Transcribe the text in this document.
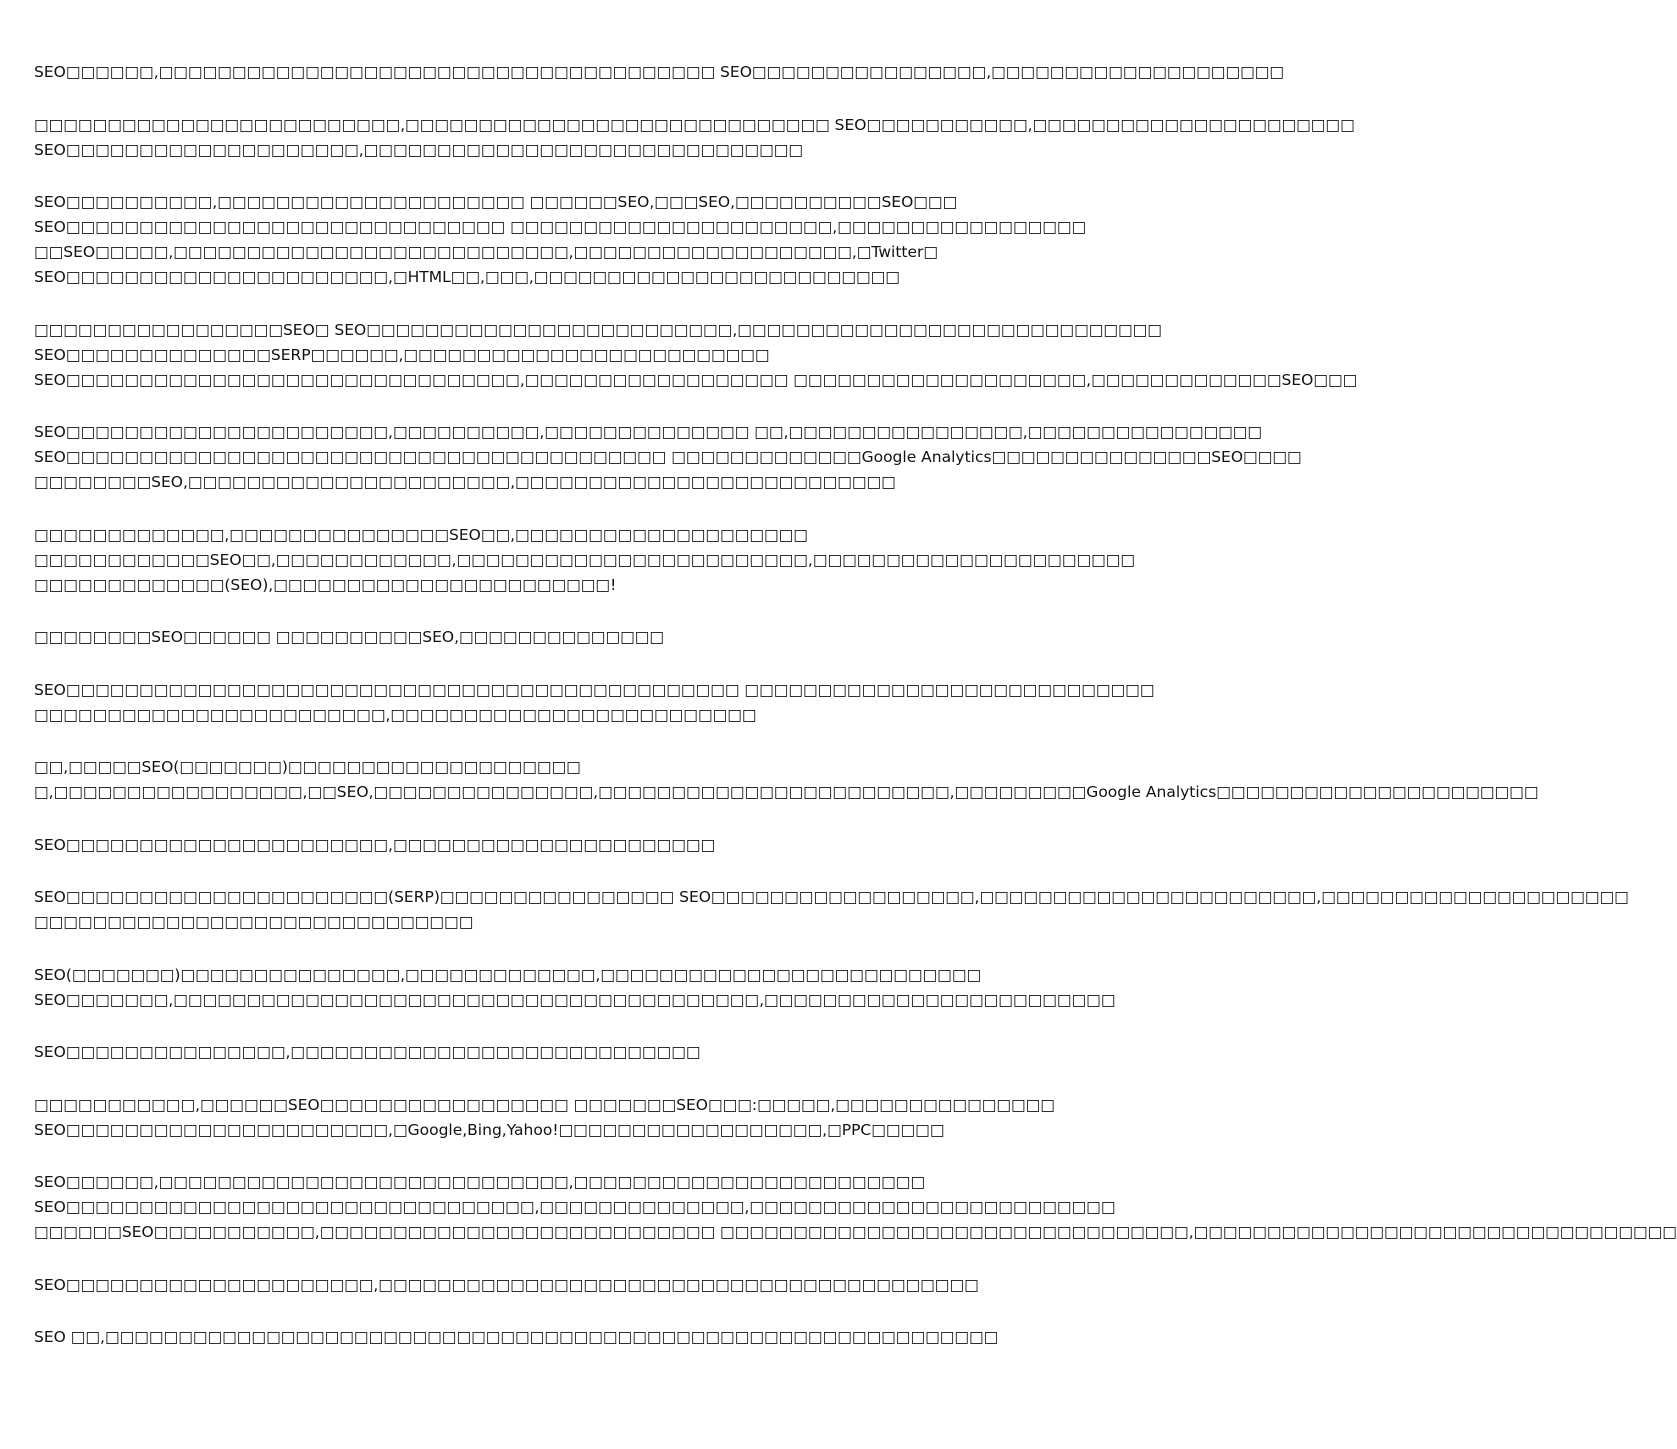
SEO□□□□□□,□□□□□□□□□□□□□□□□□□□□□□□□□□□□□□□□□□□□□□ SEO□□□□□□□□□□□□□□□□,□□□□□□□□□□□□□□□□□□□□
□□□□□□□□□□□□□□□□□□□□□□□□□,□□□□□□□□□□□□□□□□□□□□□□□□□□□□□ SEO□□□□□□□□□□□,□□□□□□□□□□□□□□□□□□□□□□
SEO□□□□□□□□□□□□□□□□□□□□,□□□□□□□□□□□□□□□□□□□□□□□□□□□□□□
SEO□□□□□□□□□□,□□□□□□□□□□□□□□□□□□□□□ □□□□□□SEO,□□□SEO,□□□□□□□□□□SEO□□□
SEO□□□□□□□□□□□□□□□□□□□□□□□□□□□□□□ □□□□□□□□□□□□□□□□□□□□□□,□□□□□□□□□□□□□□□□□
□□SEO□□□□□,□□□□□□□□□□□□□□□□□□□□□□□□□□□,□□□□□□□□□□□□□□□□□□□,□Twitter□
SEO□□□□□□□□□□□□□□□□□□□□□□,□HTML□□,□□□,□□□□□□□□□□□□□□□□□□□□□□□□□
□□□□□□□□□□□□□□□□□SEO□ SEO□□□□□□□□□□□□□□□□□□□□□□□□□,□□□□□□□□□□□□□□□□□□□□□□□□□□□□□
SEO□□□□□□□□□□□□□□SERP□□□□□□,□□□□□□□□□□□□□□□□□□□□□□□□□
SEO□□□□□□□□□□□□□□□□□□□□□□□□□□□□□□□,□□□□□□□□□□□□□□□□□□ □□□□□□□□□□□□□□□□□□□□,□□□□□□□□□□□□□SEO□□□
SEO□□□□□□□□□□□□□□□□□□□□□□,□□□□□□□□□□,□□□□□□□□□□□□□□ □□,□□□□□□□□□□□□□□□□,□□□□□□□□□□□□□□□□
SEO□□□□□□□□□□□□□□□□□□□□□□□□□□□□□□□□□□□□□□□□□ □□□□□□□□□□□□□Google Analytics□□□□□□□□□□□□□□□SEO□□□□
□□□□□□□□SEO,□□□□□□□□□□□□□□□□□□□□□□,□□□□□□□□□□□□□□□□□□□□□□□□□□
□□□□□□□□□□□□□,□□□□□□□□□□□□□□□SEO□□,□□□□□□□□□□□□□□□□□□□□
□□□□□□□□□□□□SEO□□,□□□□□□□□□□□□,□□□□□□□□□□□□□□□□□□□□□□□□,□□□□□□□□□□□□□□□□□□□□□□
□□□□□□□□□□□□□(SEO),□□□□□□□□□□□□□□□□□□□□□□□!
□□□□□□□□SEO□□□□□□ □□□□□□□□□□SEO,□□□□□□□□□□□□□□
SEO□□□□□□□□□□□□□□□□□□□□□□□□□□□□□□□□□□□□□□□□□□□□□□ □□□□□□□□□□□□□□□□□□□□□□□□□□□□
□□□□□□□□□□□□□□□□□□□□□□□□,□□□□□□□□□□□□□□□□□□□□□□□□□
□□,□□□□□SEO(□□□□□□□)□□□□□□□□□□□□□□□□□□□□
□,□□□□□□□□□□□□□□□□□,□□SEO,□□□□□□□□□□□□□□□,□□□□□□□□□□□□□□□□□□□□□□□□,□□□□□□□□□Google Analytics□□□□□□□□□□□□□□□□□□□□□□
SEO□□□□□□□□□□□□□□□□□□□□□□,□□□□□□□□□□□□□□□□□□□□□□
SEO□□□□□□□□□□□□□□□□□□□□□□(SERP)□□□□□□□□□□□□□□□□ SEO□□□□□□□□□□□□□□□□□□,□□□□□□□□□□□□□□□□□□□□□□□,□□□□□□□□□□□□□□□□□□□□□
□□□□□□□□□□□□□□□□□□□□□□□□□□□□□□
SEO(□□□□□□□)□□□□□□□□□□□□□□□,□□□□□□□□□□□□□,□□□□□□□□□□□□□□□□□□□□□□□□□□
SEO□□□□□□□,□□□□□□□□□□□□□□□□□□□□□□□□□□□□□□□□□□□□□□□□,□□□□□□□□□□□□□□□□□□□□□□□□
SEO□□□□□□□□□□□□□□□,□□□□□□□□□□□□□□□□□□□□□□□□□□□□
□□□□□□□□□□□,□□□□□□SEO□□□□□□□□□□□□□□□□□ □□□□□□□SEO□□□:□□□□□,□□□□□□□□□□□□□□□
SEO□□□□□□□□□□□□□□□□□□□□□□,□Google,Bing,Yahoo!□□□□□□□□□□□□□□□□□□,□PPC□□□□□
SEO□□□□□□,□□□□□□□□□□□□□□□□□□□□□□□□□□□□,□□□□□□□□□□□□□□□□□□□□□□□□
SEO□□□□□□□□□□□□□□□□□□□□□□□□□□□□□□□□,□□□□□□□□□□□□□□,□□□□□□□□□□□□□□□□□□□□□□□□□
□□□□□□SEO□□□□□□□□□□□,□□□□□□□□□□□□□□□□□□□□□□□□□□□ □□□□□□□□□□□□□□□□□□□□□□□□□□□□□□□□,□□□□□□□□□□□□□□□□□□□□□□□□□□□□□□□□□
SEO□□□□□□□□□□□□□□□□□□□□□,□□□□□□□□□□□□□□□□□□□□□□□□□□□□□□□□□□□□□□□□□
SEO □□,□□□□□□□□□□□□□□□□□□□□□□□□□□□□□□□□□□□□□□□□□□□□□□□□□□□□□□□□□□□□□
